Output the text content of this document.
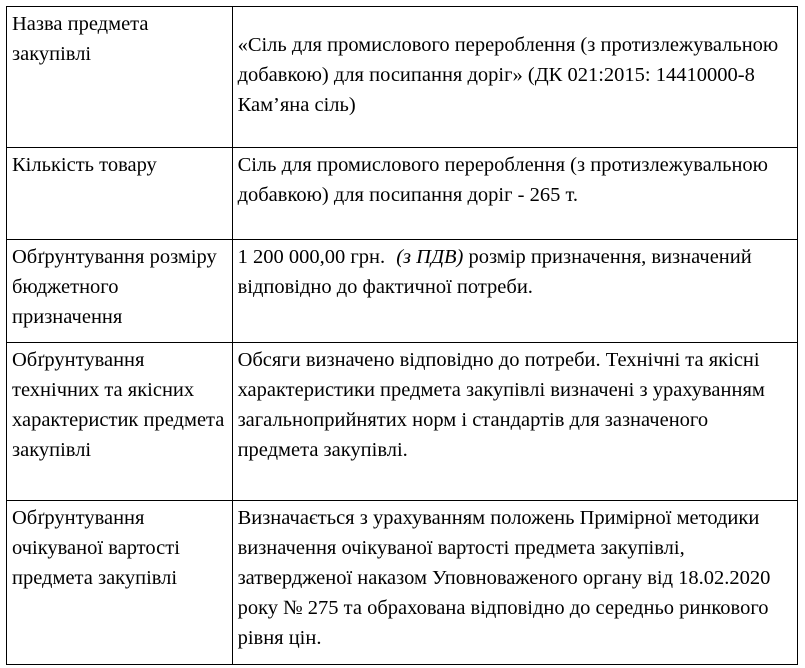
Назва предмета закупівлі	«Сіль для промислового перероблення (з протизлежувальною добавкою) для посипання доріг» (ДК 021:2015: 14410000-8 Кам’яна сіль)
Кількість товару	Сіль для промислового перероблення (з протизлежувальною добавкою) для посипання доріг - 265 т.
Обґрунтування розміру бюджетного призначення	1 200 000,00 грн. (з ПДВ) розмір призначення, визначений відповідно до фактичної потреби.
Обґрунтування технічних та якісних характеристик предмета закупівлі	Обсяги визначено відповідно до потреби. Технічні та якісні характеристики предмета закупівлі визначені з урахуванням загальноприйнятих норм і стандартів для зазначеного предмета закупівлі.
Обґрунтування очікуваної вартості предмета закупівлі	Визначається з урахуванням положень Примірної методики визначення очікуваної вартості предмета закупівлі, затвердженої наказом Уповноваженого органу від 18.02.2020 року № 275 та обрахована відповідно до середньо ринкового рівня цін.
